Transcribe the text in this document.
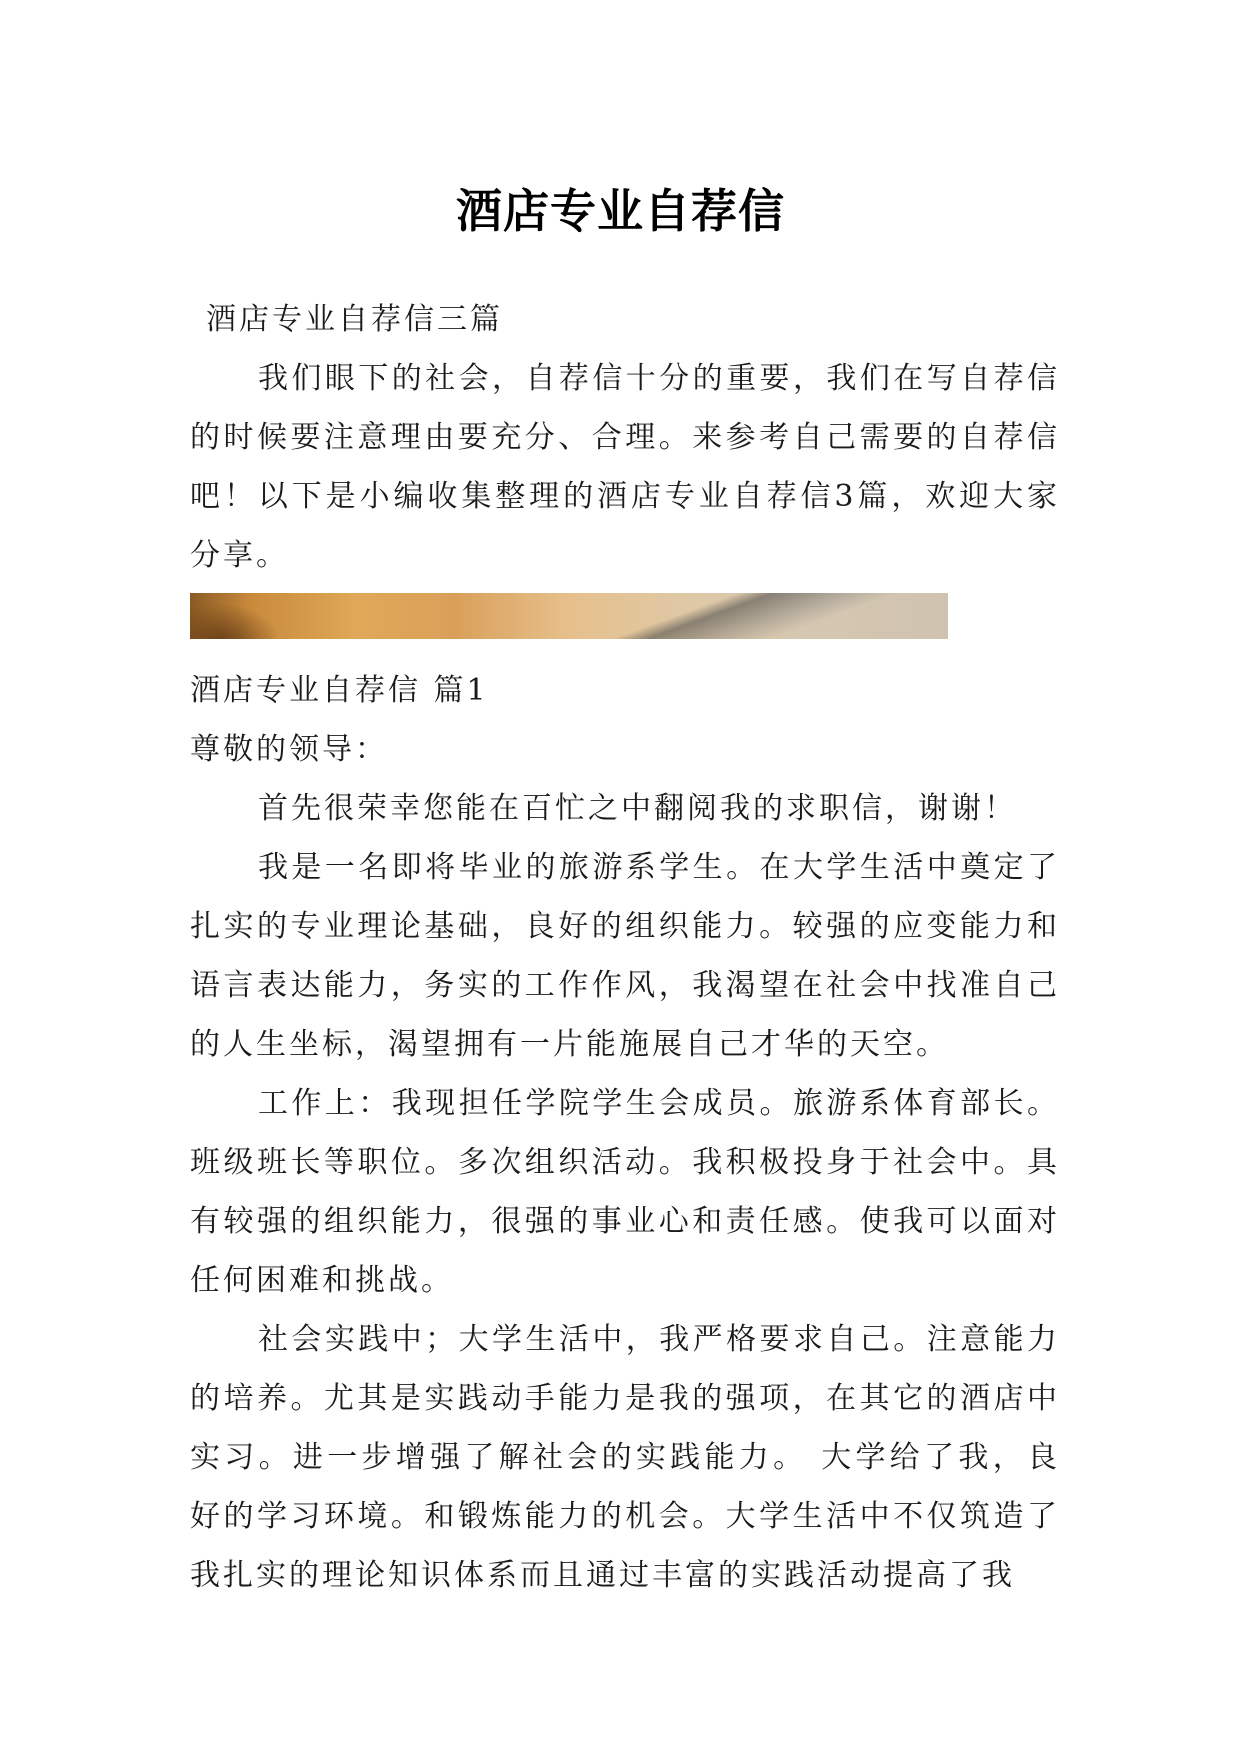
酒店专业自荐信

酒店专业自荐信三篇

我们眼下的社会，自荐信十分的重要，我们在写自荐信的时候要注意理由要充分、合理。来参考自己需要的自荐信吧！以下是小编收集整理的酒店专业自荐信3篇，欢迎大家分享。

酒店专业自荐信 篇1

尊敬的领导：

首先很荣幸您能在百忙之中翻阅我的求职信，谢谢！

我是一名即将毕业的旅游系学生。在大学生活中奠定了扎实的专业理论基础，良好的组织能力。较强的应变能力和语言表达能力，务实的工作作风，我渴望在社会中找准自己的人生坐标，渴望拥有一片能施展自己才华的天空。

工作上：我现担任学院学生会成员。旅游系体育部长。班级班长等职位。多次组织活动。我积极投身于社会中。具有较强的组织能力，很强的事业心和责任感。使我可以面对任何困难和挑战。

社会实践中；大学生活中，我严格要求自己。注意能力的培养。尤其是实践动手能力是我的强项，在其它的酒店中实习。进一步增强了解社会的实践能力。 大学给了我，良好的学习环境。和锻炼能力的机会。大学生活中不仅筑造了我扎实的理论知识体系而且通过丰富的实践活动提高了我
